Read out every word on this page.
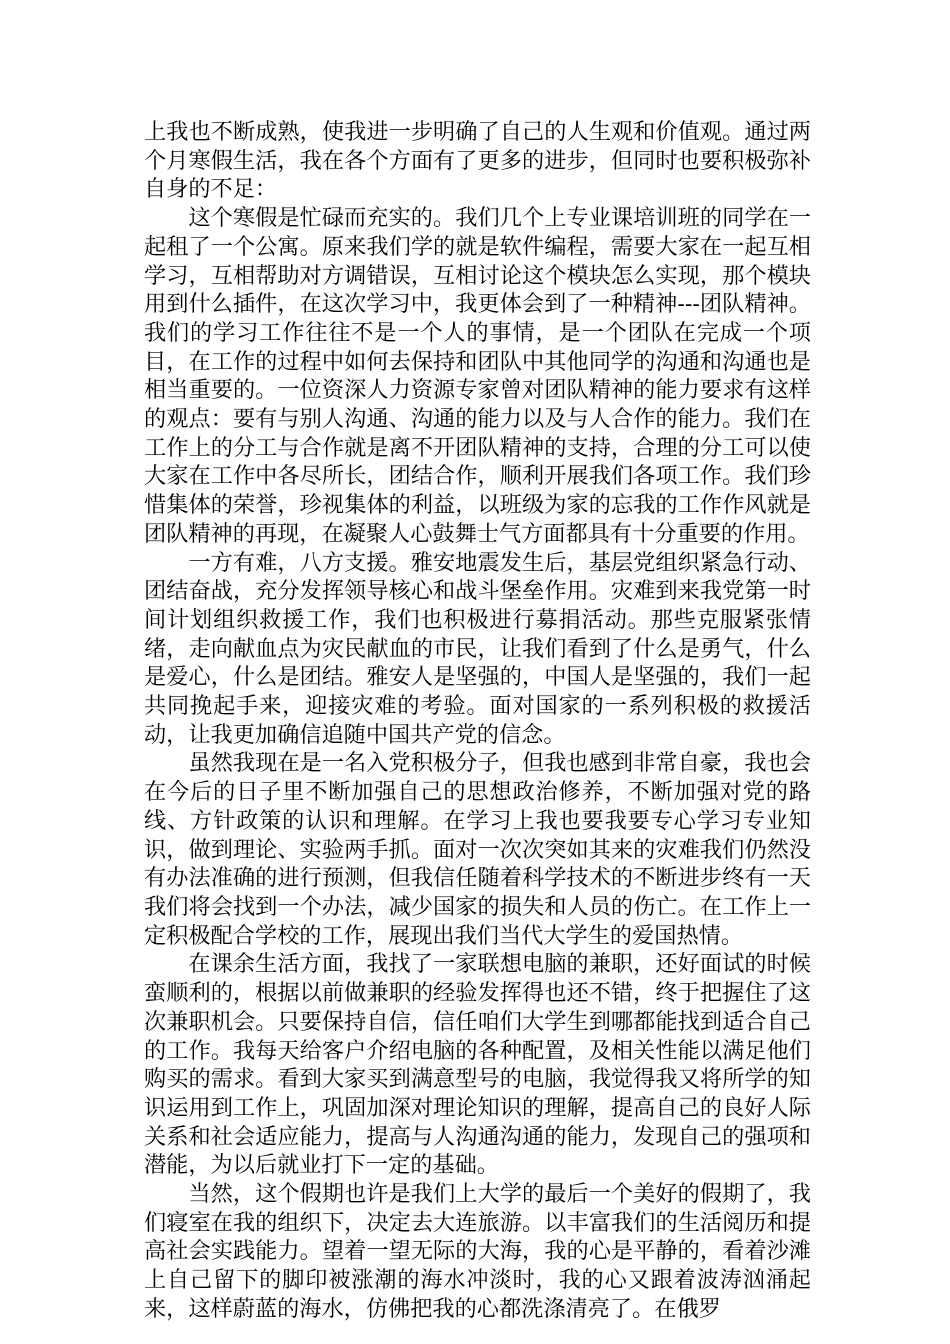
上我也不断成熟，使我进一步明确了自己的人生观和价值观。通过两个月寒假生活，我在各个方面有了更多的进步，但同时也要积极弥补自身的不足：

这个寒假是忙碌而充实的。我们几个上专业课培训班的同学在一起租了一个公寓。原来我们学的就是软件编程，需要大家在一起互相学习，互相帮助对方调错误，互相讨论这个模块怎么实现，那个模块用到什么插件，在这次学习中，我更体会到了一种精神---团队精神。我们的学习工作往往不是一个人的事情，是一个团队在完成一个项目，在工作的过程中如何去保持和团队中其他同学的沟通和沟通也是相当重要的。一位资深人力资源专家曾对团队精神的能力要求有这样的观点：要有与别人沟通、沟通的能力以及与人合作的能力。我们在工作上的分工与合作就是离不开团队精神的支持，合理的分工可以使大家在工作中各尽所长，团结合作，顺利开展我们各项工作。我们珍惜集体的荣誉，珍视集体的利益，以班级为家的忘我的工作作风就是团队精神的再现，在凝聚人心鼓舞士气方面都具有十分重要的作用。

一方有难，八方支援。雅安地震发生后，基层党组织紧急行动、团结奋战，充分发挥领导核心和战斗堡垒作用。灾难到来我党第一时间计划组织救援工作，我们也积极进行募捐活动。那些克服紧张情绪，走向献血点为灾民献血的市民，让我们看到了什么是勇气，什么是爱心，什么是团结。雅安人是坚强的，中国人是坚强的，我们一起共同挽起手来，迎接灾难的考验。面对国家的一系列积极的救援活动，让我更加确信追随中国共产党的信念。

虽然我现在是一名入党积极分子，但我也感到非常自豪，我也会在今后的日子里不断加强自己的思想政治修养，不断加强对党的路线、方针政策的认识和理解。在学习上我也要我要专心学习专业知识，做到理论、实验两手抓。面对一次次突如其来的灾难我们仍然没有办法准确的进行预测，但我信任随着科学技术的不断进步终有一天我们将会找到一个办法，减少国家的损失和人员的伤亡。在工作上一定积极配合学校的工作，展现出我们当代大学生的爱国热情。

在课余生活方面，我找了一家联想电脑的兼职，还好面试的时候蛮顺利的，根据以前做兼职的经验发挥得也还不错，终于把握住了这次兼职机会。只要保持自信，信任咱们大学生到哪都能找到适合自己的工作。我每天给客户介绍电脑的各种配置，及相关性能以满足他们购买的需求。看到大家买到满意型号的电脑，我觉得我又将所学的知识运用到工作上，巩固加深对理论知识的理解，提高自己的良好人际关系和社会适应能力，提高与人沟通沟通的能力，发现自己的强项和潜能，为以后就业打下一定的基础。

当然，这个假期也许是我们上大学的最后一个美好的假期了，我们寝室在我的组织下，决定去大连旅游。以丰富我们的生活阅历和提高社会实践能力。望着一望无际的大海，我的心是平静的，看着沙滩上自己留下的脚印被涨潮的海水冲淡时，我的心又跟着波涛汹涌起来，这样蔚蓝的海水，仿佛把我的心都洗涤清亮了。在俄罗
